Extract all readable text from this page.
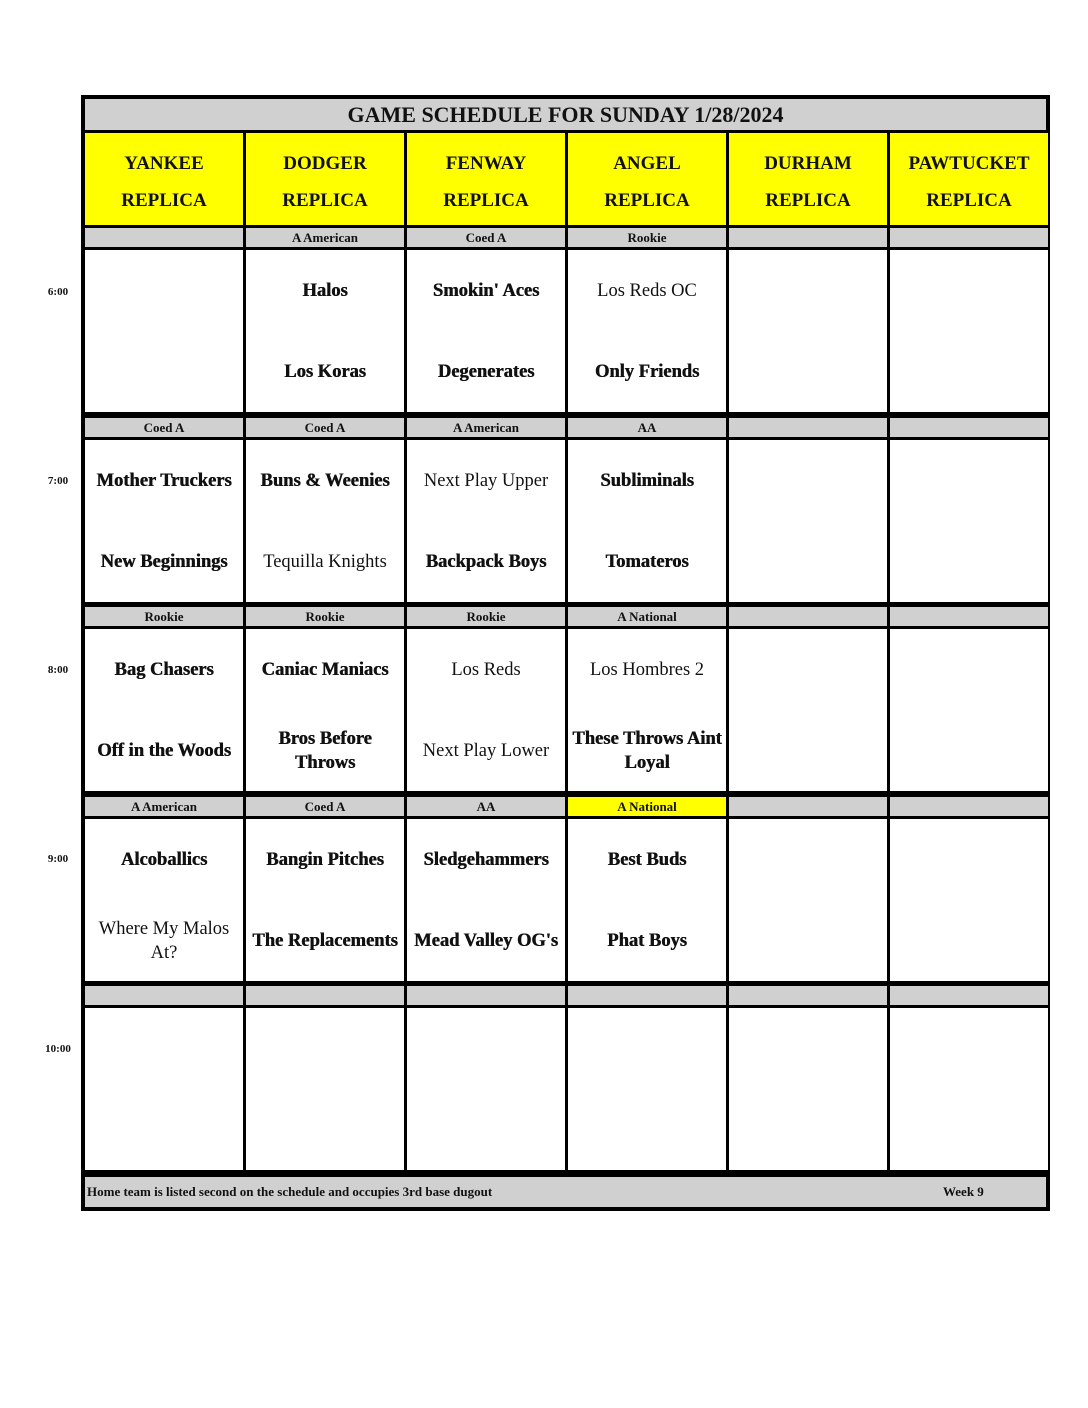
GAME SCHEDULE FOR SUNDAY 1/28/2024
YANKEE
REPLICA
DODGER
REPLICA
FENWAY
REPLICA
ANGEL
REPLICA
DURHAM
REPLICA
PAWTUCKET
REPLICA
A American
Halos
Los Koras
Coed A
Smokin' Aces
Degenerates
Rookie
Los Reds OC
Only Friends
Coed A
Mother Truckers
New Beginnings
Coed A
Buns & Weenies
Tequilla Knights
A American
Next Play Upper
Backpack Boys
AA
Subliminals
Tomateros
Rookie
Bag Chasers
Off in the Woods
Rookie
Caniac Maniacs
Bros Before Throws
Rookie
Los Reds
Next Play Lower
A National
Los Hombres 2
These Throws Aint Loyal
A American
Alcoballics
Where My Malos At?
Coed A
Bangin Pitches
The Replacements
AA
Sledgehammers
Mead Valley OG's
A National
Best Buds
Phat Boys
Home team is listed second on the schedule and occupies 3rd base dugout	Week 9
6:00
7:00
8:00
9:00
10:00
